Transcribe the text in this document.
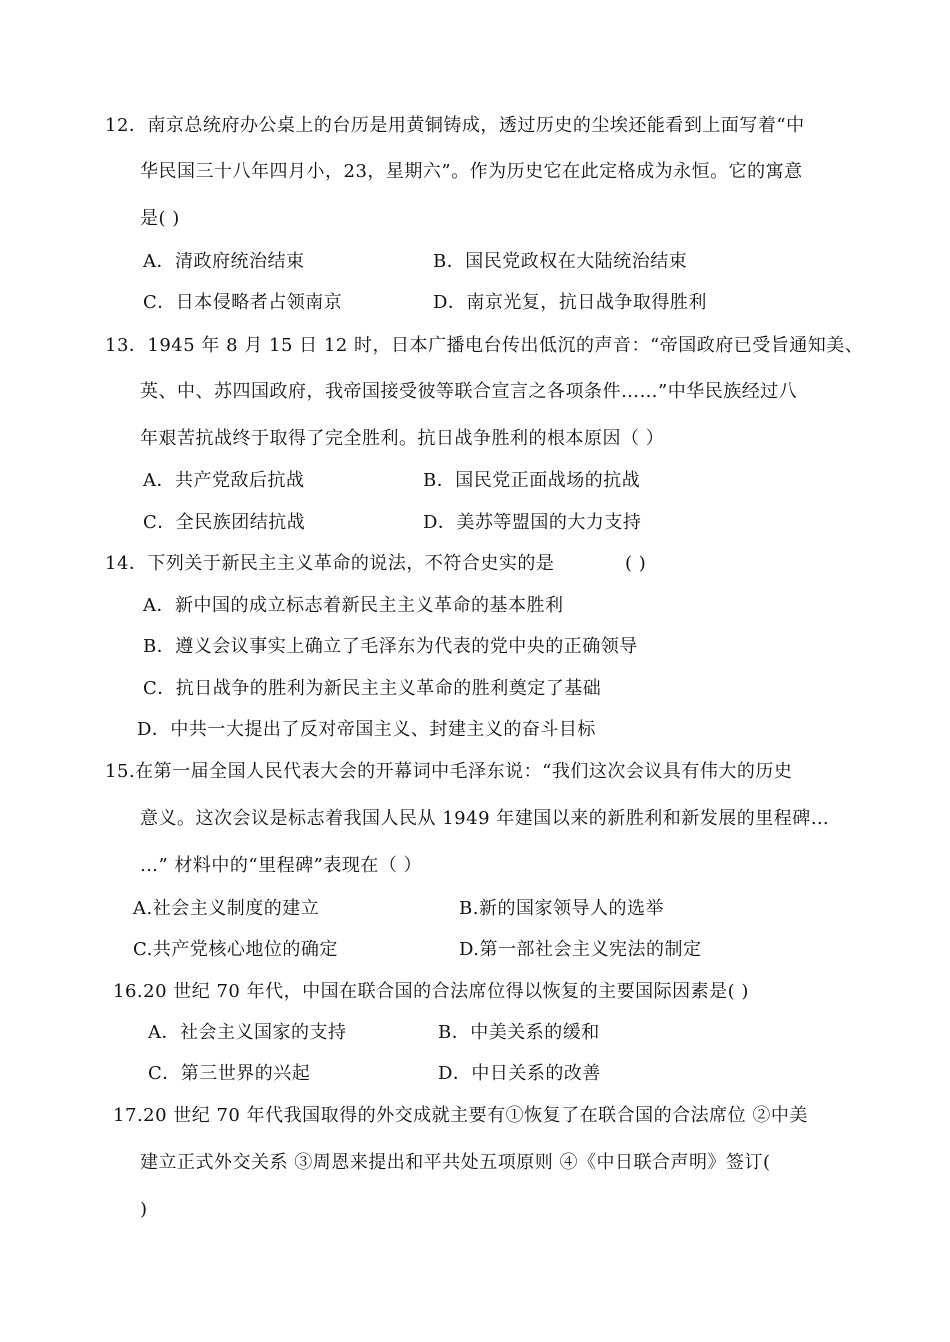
12．南京总统府办公桌上的台历是用黄铜铸成，透过历史的尘埃还能看到上面写着“中
华民国三十八年四月小，23，星期六”。作为历史它在此定格成为永恒。它的寓意
是( )
A．清政府统治结束	B．国民党政权在大陆统治结束
C．日本侵略者占领南京	D．南京光复，抗日战争取得胜利
13．1945 年 8 月 15 日 12 时，日本广播电台传出低沉的声音：“帝国政府已受旨通知美、
英、中、苏四国政府，我帝国接受彼等联合宣言之各项条件……”中华民族经过八
年艰苦抗战终于取得了完全胜利。抗日战争胜利的根本原因（ ）
A．共产党敌后抗战	B．国民党正面战场的抗战
C．全民族团结抗战	D．美苏等盟国的大力支持
14．下列关于新民主主义革命的说法，不符合史实的是	( )
A．新中国的成立标志着新民主主义革命的基本胜利
B．遵义会议事实上确立了毛泽东为代表的党中央的正确领导
C．抗日战争的胜利为新民主主义革命的胜利奠定了基础
D．中共一大提出了反对帝国主义、封建主义的奋斗目标
15.在第一届全国人民代表大会的开幕词中毛泽东说：“我们这次会议具有伟大的历史
意义。这次会议是标志着我国人民从 1949 年建国以来的新胜利和新发展的里程碑…
…” 材料中的“里程碑”表现在（ ）
A.社会主义制度的建立	B.新的国家领导人的选举
C.共产党核心地位的确定	D.第一部社会主义宪法的制定
16.20 世纪 70 年代，中国在联合国的合法席位得以恢复的主要国际因素是( )
A．社会主义国家的支持	B．中美关系的缓和
C．第三世界的兴起	D．中日关系的改善
17.20 世纪 70 年代我国取得的外交成就主要有①恢复了在联合国的合法席位 ②中美
建立正式外交关系 ③周恩来提出和平共处五项原则 ④《中日联合声明》签订(
)
